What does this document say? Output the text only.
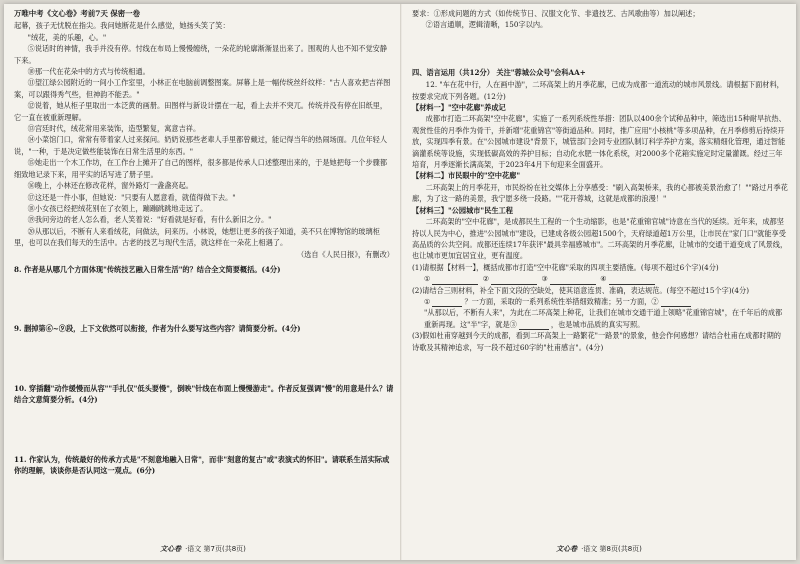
万唯中考《文心卷》考前7天 保密一卷

起幕，孩子无忧脱在指尖。我问她断花是什么感觉，她扬头笑了笑：

"绒花，美的乐趣，心。"

⑤说话时的神情，我手并没有停。忖线在布局上慢慢缠绕，一朵花的轮廓渐渐显出来了。围观的人也不知不觉安静下来。

⑩那一代在花朵中的方式与传统相通。

⑪望江绿公园附近的一间小工作室里，小林正在电脑前调整图案。屏幕上是一幅传统丝纤纹样："古人喜欢把吉祥图案，可以跟得秀气些，但神韵不能丢。"

⑫说着，她从柜子里取出一本泛黄的画册。田图样与新设计摆在一起，看上去并不突兀。传统并没有停在旧纸里，它一直在被重新理解。

⑬宫廷时代，绒花常用来装饰，造型繁复，寓意吉祥。

⑭小菜馆门口，常常有带着家人过来探问。奶奶说那些老辈人手里都曾戴过，能记得当年的热闹场面。几位年轻人说，"一种，于是决定做些能装饰在日常生活里的东西。"

⑮她走出一个木工作坊，在工作台上摊开了自己的图样，很多都是传承人口述整理出来的，于是她把每一个步骤都细致地记录下来，用平实的话写进了册子里。

⑯晚上，小林还在修改花样，窗外路灯一盏盏亮起。

⑰这还是一件小事，但她说："只要有人愿意看，就值得做下去。"

⑱小女孩已经把绒花别在了衣领上，蹦蹦跳跳地走远了。

⑲我问旁边的老人怎么看，老人笑着说："好看就是好看，有什么新旧之分。"

⑳从那以后，不断有人来看绒花，问做法，问来历。小林说，她想让更多的孩子知道，美不只在博物馆的玻璃柜里，也可以在我们每天的生活中。古老的技艺与现代生活，就这样在一朵花上相遇了。

（选自《人民日报》，有删改）
8. 作者是从哪几个方面体现"传统技艺融入日常生活"的？结合全文简要概括。(4分)
9. 删掉第⑥~⑨段，上下文依然可以衔接，作者为什么要写这些内容？请简要分析。(4分)
10. 穿插翻"动作缓慢而从容""手扎仅"低头要慢"，倒映"针线在布面上慢慢游走"。作者反复强调"慢"的用意是什么？请结合文意简要分析。(4分)
11. 作家认为，传统最好的传承方式是"不刻意地融入日常"，而非"刻意的复古"或"表演式的怀旧"。请联系生活实际或你的理解，谈谈你是否认同这一观点。(6分)
文心卷 ·语文 第7页(共8页)

要求：①形成问题的方式（如传统节日、汉服文化节、非遗技艺、古风歌曲等）加以阐述；

②语言通顺，逻辑清晰，150字以内。

四、语言运用（共12分） 关注"蓉城公众号"会科AA+

12. "车在花中行，人在画中游"，二环高架上的月季花廊，已成为成都一道流动的城市风景线。请根据下面材料，按要求完成下列各题。(12分)

【材料一】"空中花廊"养成记

成都市打造二环高架"空中花廊"，实施了一系列系统性举措：团队以400余个试种品种中，筛选出15种耐旱抗热、观赏性佳的月季作为骨干，并新增"花重锦官"等街道品种。同时，推广应用"小核桃"等多项品种，在月季修剪后持续开放，实现四季有景。在"公园城市建设"背景下，城管部门会同专业团队制订科学养护方案，落实精细化管理，通过智能滴灌系统等设施，实现低碳高效的养护目标；自动化水肥一体化系统，对2000多个花箱实施定时定量灌溉。经过三年培育，月季逐渐长满高架，于2023年4月下旬迎来全面盛开。

【材料二】市民眼中的"空中花廊"

二环高架上的月季花开，市民纷纷在社交媒体上分享感受："刷入高架桥来，我的心都被美景治愈了！""路过月季花廊，为了这一路的美景，我宁愿多绕一段路。""花开蓉城，这就是成都的浪漫！"

【材料三】"公园城市"民生工程

二环高架的"空中花廊"，是成都民生工程的一个生动缩影，也是"花重锦官城"诗意在当代的延续。近年来，成都坚持以人民为中心，推进"公园城市"建设，已建成各级公园超1500个，天府绿道超1万公里，让市民在"家门口"就能享受高品质的公共空间。成都还连续17年获评"最具幸福感城市"。二环高架的月季花廊，让城市的交通干道变成了风景线，也让城市更加宜居宜业，更有温度。

(1)请根据【材料一】，概括成都市打造"空中花廊"采取的四项主要措施。(每项不超过6个字)(4分)

①	②	③	④

(2)请结合三则材料，补全下面文段的空缺处，使其语意连贯、准确，表达规范。(每空不超过15个字)(4分)

①	？一方面，采取的一系列系统性举措细致精准；另一方面，②

"从那以后，不断有人来"，为此在二环高架上种花，让我们在城市交通干道上领略"花重锦官城"，在千年后的成都重新再现。这"半"字，就是③	，也是城市品质的真实写照。

(3)假如杜甫穿越到今天的成都，看到二环高架上一路繁花"一路景"的景象，他会作何感想？请结合杜甫在成都时期的诗歌及其精神追求，写一段不超过60字的"杜甫感言"。(4分)

文心卷 ·语文 第8页(共8页)
